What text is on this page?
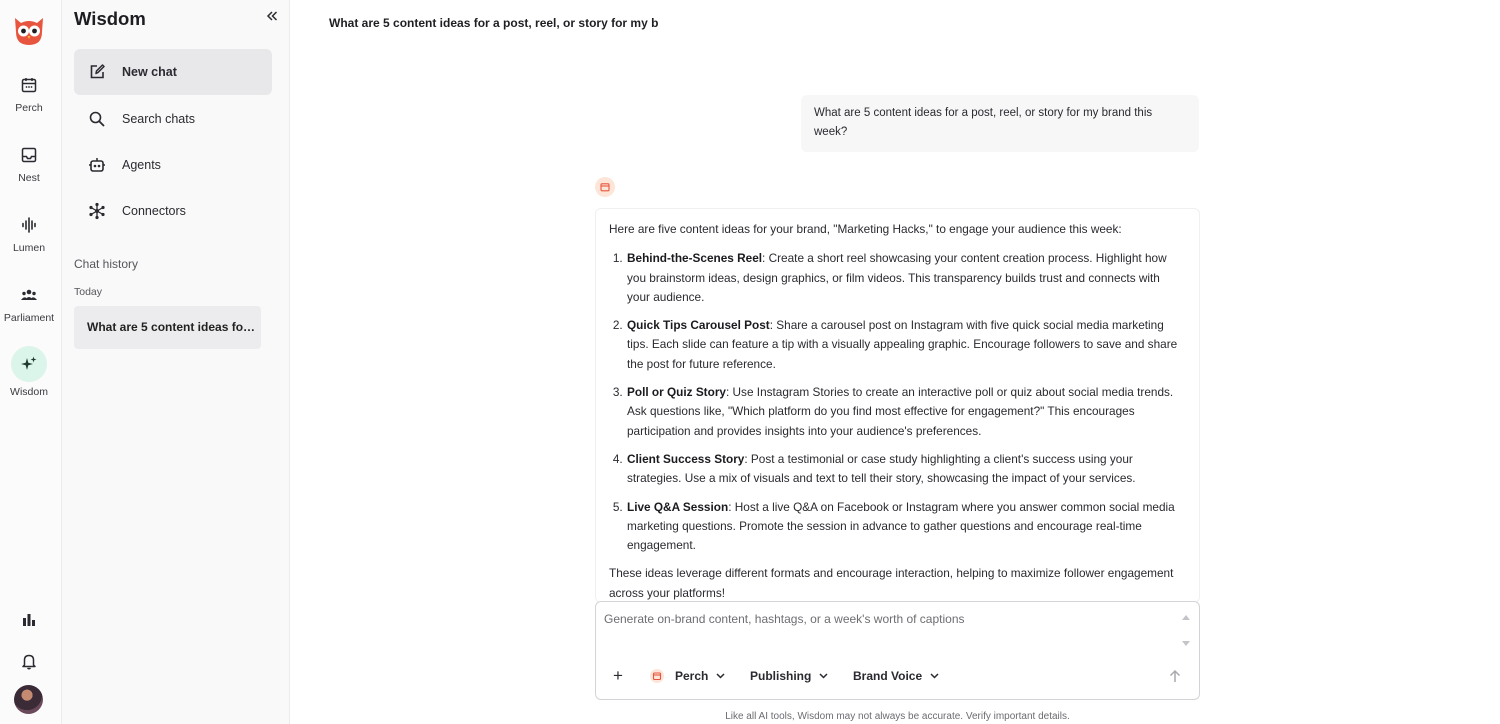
Perch
Nest
Lumen
Parliament
Wisdom
Wisdom
New chat
Search chats
Agents
Connectors
Chat history
Today
What are 5 content ideas fo…
What are 5 content ideas for a post, reel, or story for my b
What are 5 content ideas for a post, reel, or story for my brand this week?

Here are five content ideas for your brand, "Marketing Hacks," to engage your audience this week:

1. Behind-the-Scenes Reel: Create a short reel showcasing your content creation process. Highlight how you brainstorm ideas, design graphics, or film videos. This transparency builds trust and connects with your audience.
2. Quick Tips Carousel Post: Share a carousel post on Instagram with five quick social media marketing tips. Each slide can feature a tip with a visually appealing graphic. Encourage followers to save and share the post for future reference.
3. Poll or Quiz Story: Use Instagram Stories to create an interactive poll or quiz about social media trends. Ask questions like, "Which platform do you find most effective for engagement?" This encourages participation and provides insights into your audience's preferences.
4. Client Success Story: Post a testimonial or case study highlighting a client's success using your strategies. Use a mix of visuals and text to tell their story, showcasing the impact of your services.
5. Live Q&A Session: Host a live Q&A on Facebook or Instagram where you answer common social media marketing questions. Promote the session in advance to gather questions and encourage real-time engagement.

These ideas leverage different formats and encourage interaction, helping to maximize follower engagement across your platforms!

Generate on-brand content, hashtags, or a week's worth of captions
+	Perch	Publishing	Brand Voice
Like all AI tools, Wisdom may not always be accurate. Verify important details.
